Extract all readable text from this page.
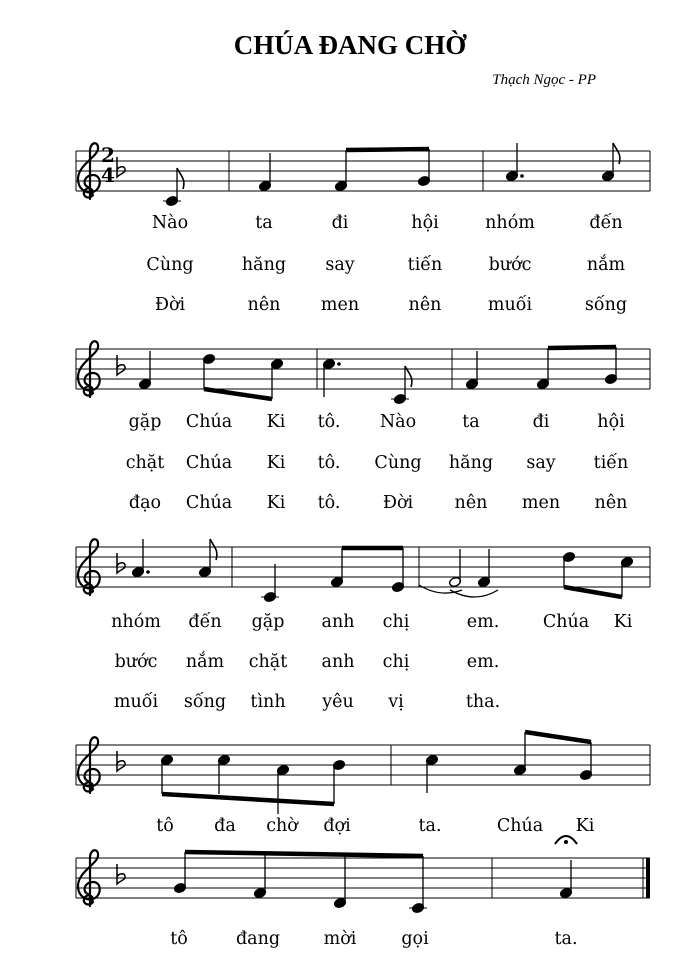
CHÚA ĐANG CHỜ
Thạch Ngọc - PP
2
4
Nào	ta	đi	hội	nhóm	đến
Cùng	hăng say	tiến	bước	nắm
Đời	nên men	nên	muối	sống
gặp Chúa Ki tô. Nào	ta	đi	hội
chặt Chúa Ki tô. Cùng hăng say tiến
đạo Chúa Ki tô. Đời nên men nên
nhóm đến gặp anh chị	em. Chúa Ki
bước nắm chặt anh chị	em.
muối sống tình yêu vị	tha.
tô đa chờ đợi	ta.	Chúa Ki
tô	đang mời	gọi	ta.
